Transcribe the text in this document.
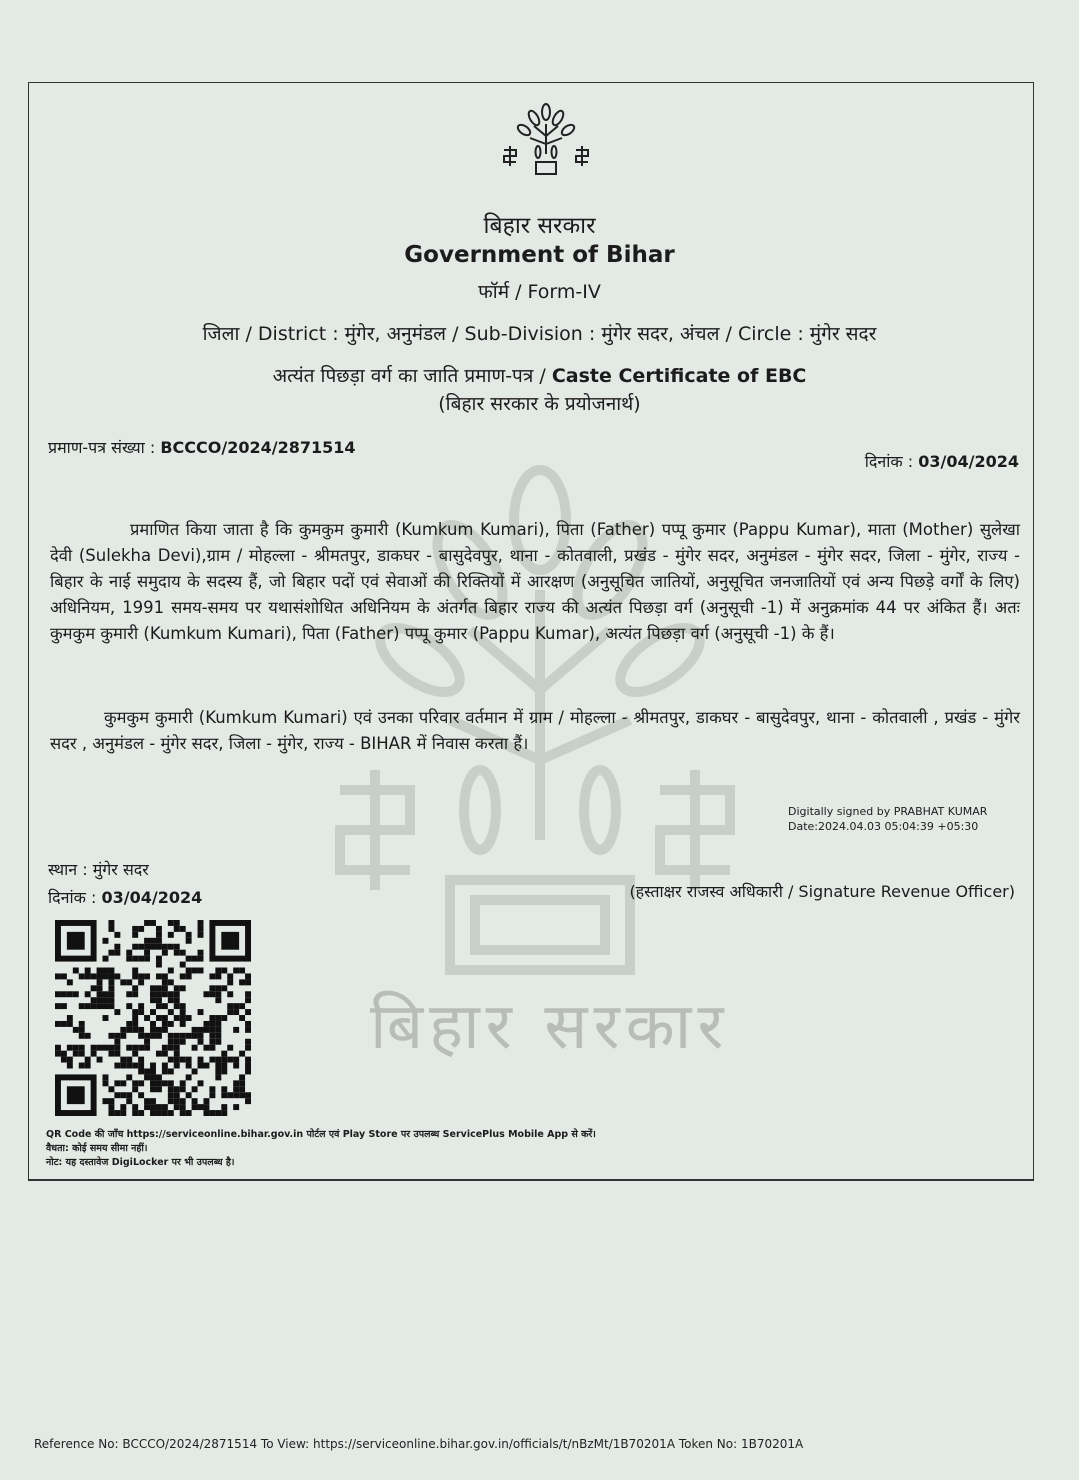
बिहार सरकार
बिहार सरकार
Government of Bihar
फॉर्म / Form-IV
जिला / District : मुंगेर, अनुमंडल / Sub-Division : मुंगेर सदर, अंचल / Circle : मुंगेर सदर
अत्यंत पिछड़ा वर्ग का जाति प्रमाण-पत्र / Caste Certificate of EBC
(बिहार सरकार के प्रयोजनार्थ)
प्रमाण-पत्र संख्या : BCCCO/2024/2871514
दिनांक : 03/04/2024
प्रमाणित किया जाता है कि कुमकुम कुमारी (Kumkum Kumari), पिता (Father) पप्पू कुमार (Pappu Kumar), माता (Mother) सुलेखा देवी (Sulekha Devi),ग्राम / मोहल्ला - श्रीमतपुर, डाकघर - बासुदेवपुर, थाना - कोतवाली, प्रखंड - मुंगेर सदर, अनुमंडल - मुंगेर सदर, जिला - मुंगेर, राज्य - बिहार के नाई समुदाय के सदस्य हैं, जो बिहार पदों एवं सेवाओं की रिक्तियों में आरक्षण (अनुसूचित जातियों, अनुसूचित जनजातियों एवं अन्य पिछड़े वर्गों के लिए) अधिनियम, 1991 समय-समय पर यथासंशोधित अधिनियम के अंतर्गत बिहार राज्य की अत्यंत पिछड़ा वर्ग (अनुसूची -1) में अनुक्रमांक 44 पर अंकित हैं। अतः कुमकुम कुमारी (Kumkum Kumari), पिता (Father) पप्पू कुमार (Pappu Kumar), अत्यंत पिछड़ा वर्ग (अनुसूची -1) के हैं।
कुमकुम कुमारी (Kumkum Kumari) एवं उनका परिवार वर्तमान में ग्राम / मोहल्ला - श्रीमतपुर, डाकघर - बासुदेवपुर, थाना - कोतवाली , प्रखंड - मुंगेर सदर , अनुमंडल - मुंगेर सदर, जिला - मुंगेर, राज्य - BIHAR में निवास करता हैं।
Digitally signed by PRABHAT KUMAR
Date:2024.04.03 05:04:39 +05:30
स्थान : मुंगेर सदर
दिनांक : 03/04/2024	(हस्ताक्षर राजस्व अधिकारी / Signature Revenue Officer)
QR Code की जाँच https://serviceonline.bihar.gov.in पोर्टल एवं Play Store पर उपलब्ध ServicePlus Mobile App से करें।
वैधता: कोई समय सीमा नहीं।
नोट: यह दस्तावेज DigiLocker पर भी उपलब्ध है।
Reference No: BCCCO/2024/2871514 To View: https://serviceonline.bihar.gov.in/officials/t/nBzMt/1B70201A Token No: 1B70201A
